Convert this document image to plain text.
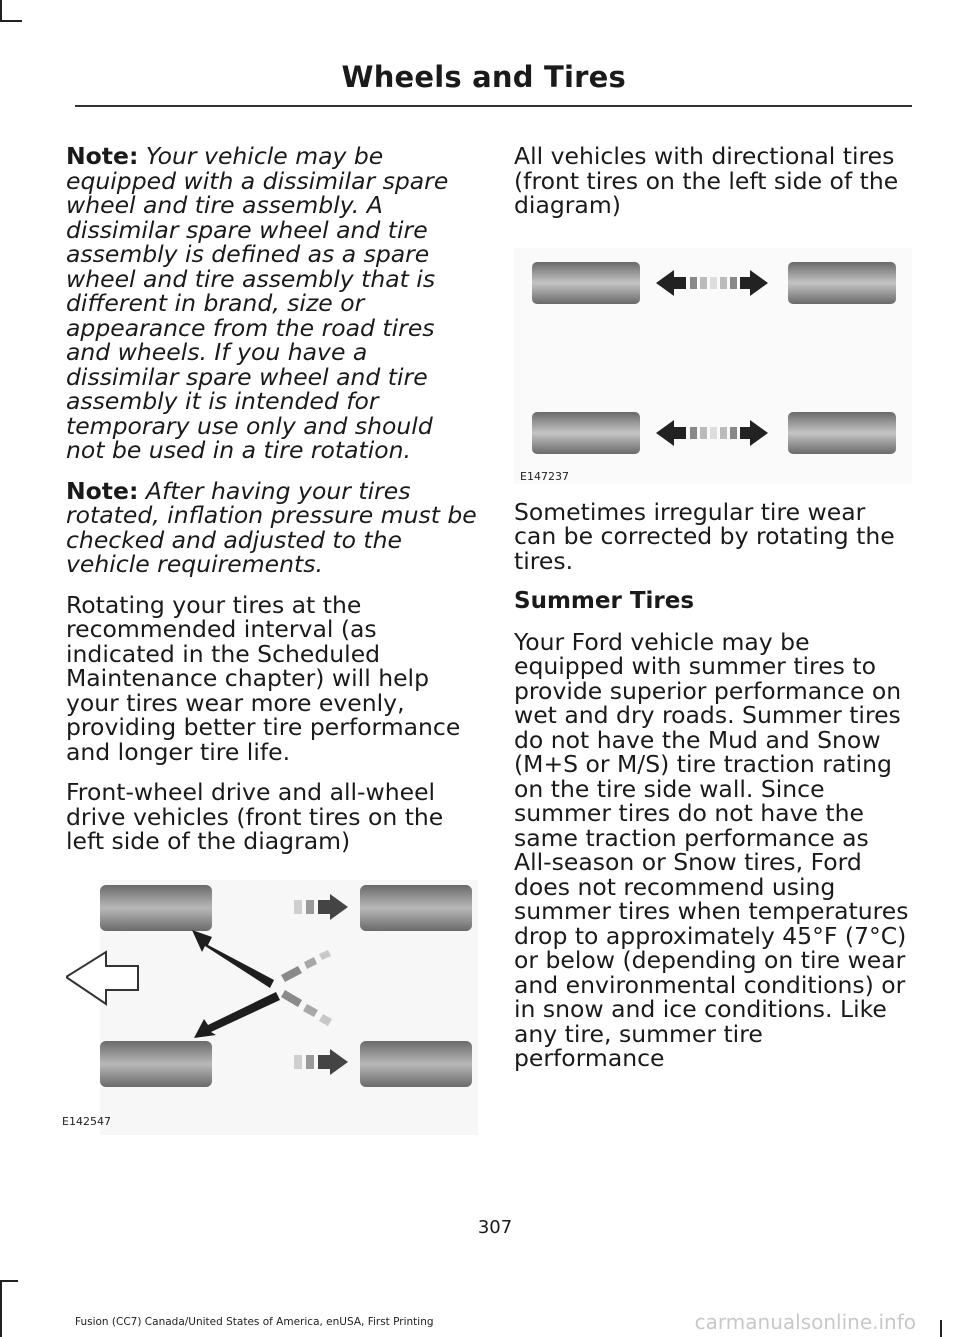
Wheels and Tires

Note: Your vehicle may be equipped with a dissimilar spare wheel and tire assembly. A dissimilar spare wheel and tire assembly is defined as a spare wheel and tire assembly that is different in brand, size or appearance from the road tires and wheels. If you have a dissimilar spare wheel and tire assembly it is intended for temporary use only and should not be used in a tire rotation.

Note: After having your tires rotated, inflation pressure must be checked and adjusted to the vehicle requirements.

Rotating your tires at the recommended interval (as indicated in the Scheduled Maintenance chapter) will help your tires wear more evenly, providing better tire performance and longer tire life.

Front-wheel drive and all-wheel drive vehicles (front tires on the left side of the diagram)

E142547

All vehicles with directional tires (front tires on the left side of the diagram)

E147237

Sometimes irregular tire wear can be corrected by rotating the tires.

Summer Tires

Your Ford vehicle may be equipped with summer tires to provide superior performance on wet and dry roads. Summer tires do not have the Mud and Snow (M+S or M/S) tire traction rating on the tire side wall. Since summer tires do not have the same traction performance as All-season or Snow tires, Ford does not recommend using summer tires when temperatures drop to approximately 45°F (7°C) or below (depending on tire wear and environmental conditions) or in snow and ice conditions. Like any tire, summer tire performance

307
Fusion (CC7) Canada/United States of America, enUSA, First Printing	carmanualsonline.info
